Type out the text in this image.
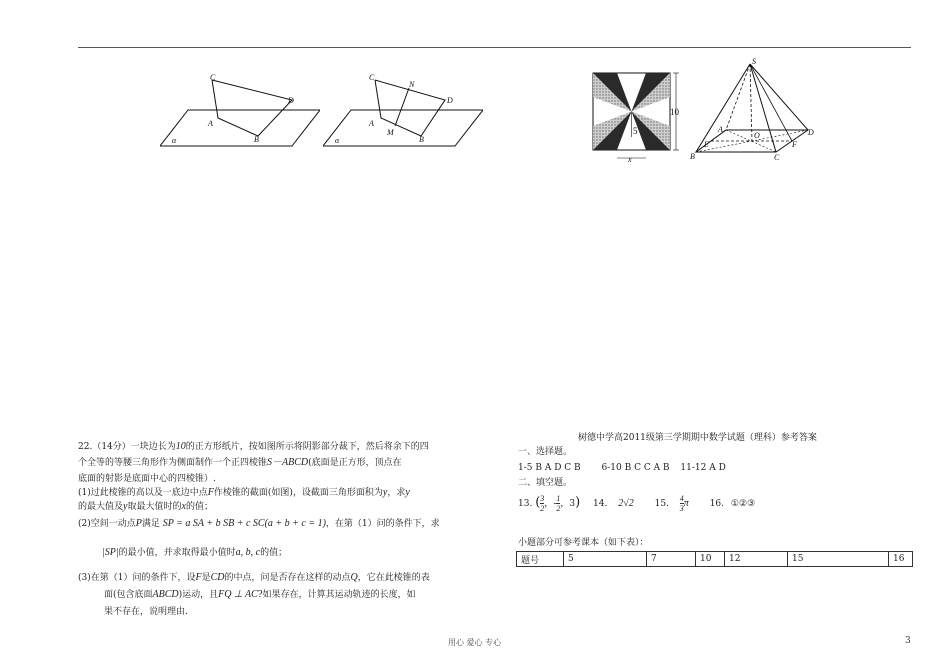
C
D
A
B
α
C
N
D
A
M
B
α
10
5
x
S
A
O	D
B
E	F
C
22.（14分）一块边长为10的正方形纸片，按如图所示将阴影部分裁下，然后将余下的四
个全等的等腰三角形作为侧面制作一个正四棱锥S－ABCD(底面是正方形，顶点在
底面的射影是底面中心的四棱锥）.
(1)过此棱锥的高以及一底边中点F作棱锥的截面(如图)，设截面三角形面积为y，求y
的最大值及y取最大值时的x的值；
(2)空间一动点P满足 SP = a SA + b SB + c SC(a + b + c = 1)，在第（1）问的条件下，求
|SP|的最小值，并求取得最小值时a, b, c的值；
(3)在第（1）问的条件下，设F是CD的中点，问是否存在这样的动点Q，它在此棱锥的表
面(包含底面ABCD)运动，且FQ ⊥ AC?如果存在，计算其运动轨迹的长度，如
果不存在，说明理由.
树德中学高2011级第三学期期中数学试题（理科）参考答案
一、选择题。
1-5 B A D C B 6-10 B C C A B 11-12 A D
二、填空题。
13. ( $\frac{3}{2}$ ，- $\frac{1}{2}$ ，3) 14. 2√2 15. $\frac{4}{3}$ π 16. ①②③
小题部分可参考课本（如下表）：
题号	5	7	10	12	15	16
用心 爱心 专心	3
